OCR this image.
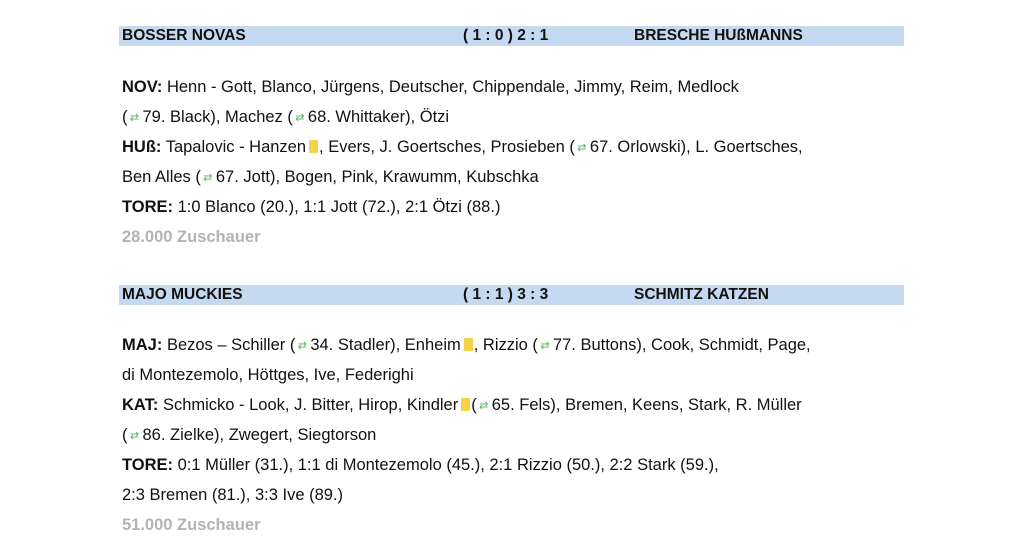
BOSSER NOVAS	( 1 : 0 ) 2 : 1	BRESCHE HUßMANNS
NOV: Henn - Gott, Blanco, Jürgens, Deutscher, Chippendale, Jimmy, Reim, Medlock
( ⇄ 79. Black), Machez ( ⇄ 68. Whittaker), Ötzi
HUß: Tapalovic - Hanzen , Evers, J. Goertsches, Prosieben ( ⇄ 67. Orlowski), L. Goertsches,
Ben Alles ( ⇄ 67. Jott), Bogen, Pink, Krawumm, Kubschka
TORE: 1:0 Blanco (20.), 1:1 Jott (72.), 2:1 Ötzi (88.)
28.000 Zuschauer
MAJO MUCKIES	( 1 : 1 ) 3 : 3	SCHMITZ KATZEN
MAJ: Bezos – Schiller ( ⇄ 34. Stadler), Enheim , Rizzio ( ⇄ 77. Buttons), Cook, Schmidt, Page,
di Montezemolo, Höttges, Ive, Federighi
KAT: Schmicko - Look, J. Bitter, Hirop, Kindler ( ⇄ 65. Fels), Bremen, Keens, Stark, R. Müller
( ⇄ 86. Zielke), Zwegert, Siegtorson
TORE: 0:1 Müller (31.), 1:1 di Montezemolo (45.), 2:1 Rizzio (50.), 2:2 Stark (59.),
2:3 Bremen (81.), 3:3 Ive (89.)
51.000 Zuschauer
